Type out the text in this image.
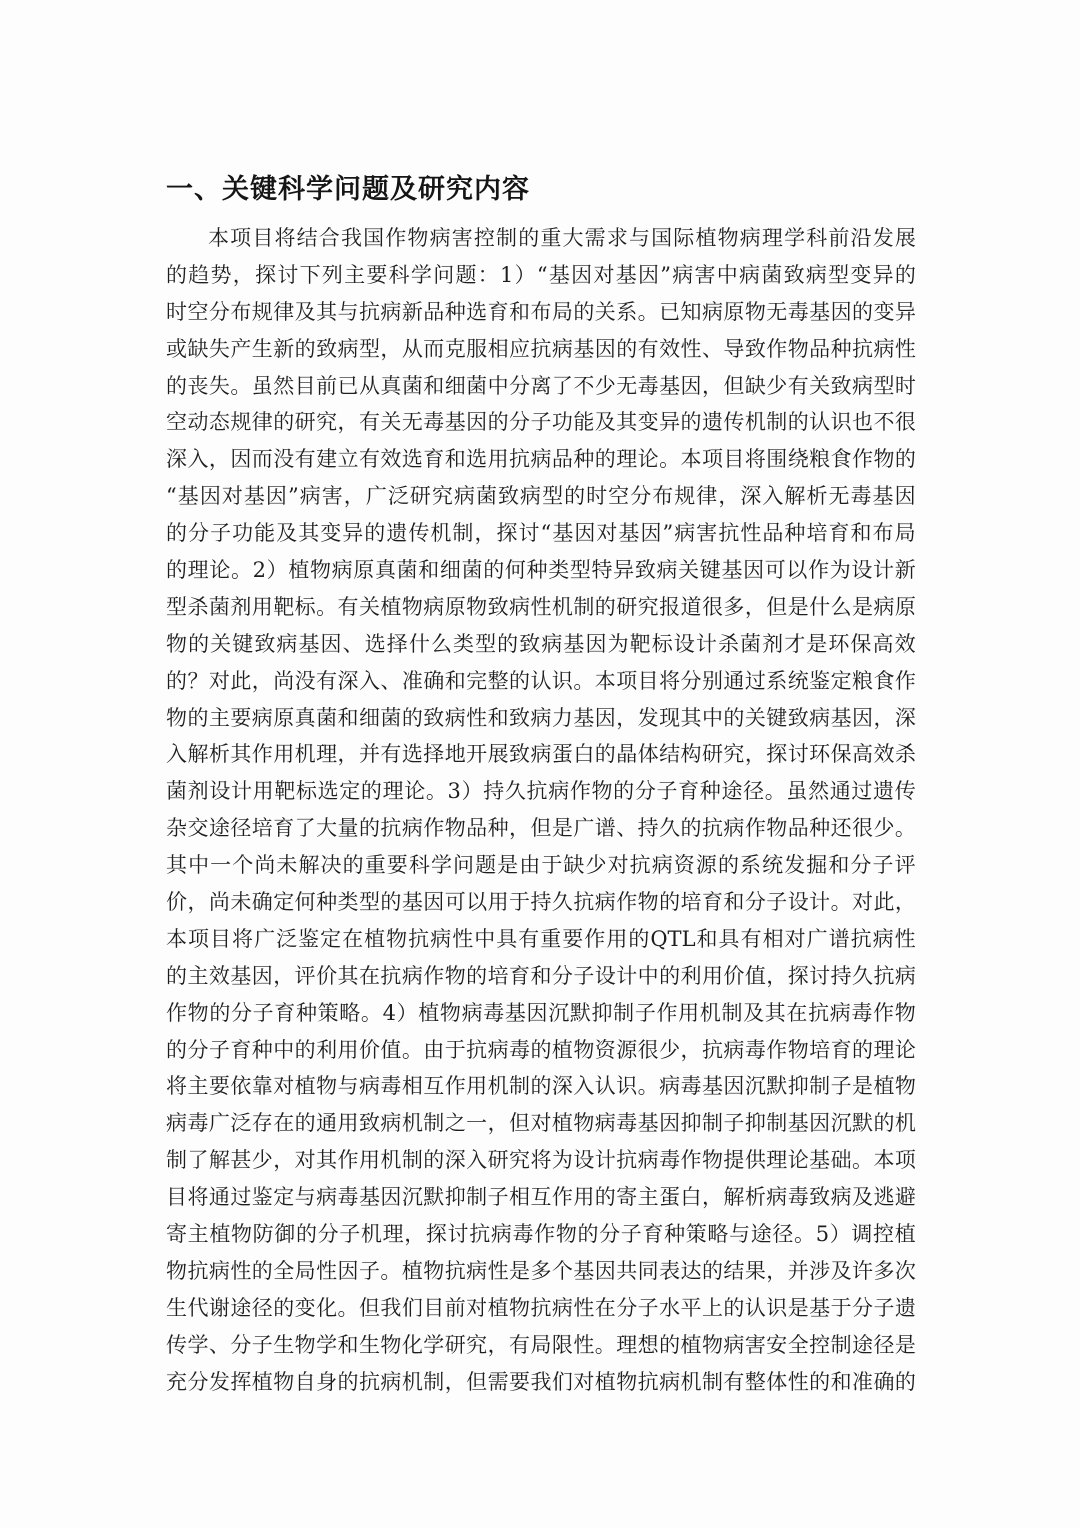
一、关键科学问题及研究内容
本 项 目 将 结 合 我 国 作 物 病 害 控 制 的 重 大 需 求 与 国 际 植 物 病 理 学 科 前 沿 发 展
的 趋 势 ， 探 讨 下 列 主 要 科 学 问 题 ： 1 ） “ 基 因 对 基 因 ” 病 害 中 病 菌 致 病 型 变 异 的
时 空 分 布 规 律 及 其 与 抗 病 新 品 种 选 育 和 布 局 的 关 系 。 已 知 病 原 物 无 毒 基 因 的 变 异
或 缺 失 产 生 新 的 致 病 型 ， 从 而 克 服 相 应 抗 病 基 因 的 有 效 性 、 导 致 作 物 品 种 抗 病 性
的 丧 失 。 虽 然 目 前 已 从 真 菌 和 细 菌 中 分 离 了 不 少 无 毒 基 因 ， 但 缺 少 有 关 致 病 型 时
空 动 态 规 律 的 研 究 ， 有 关 无 毒 基 因 的 分 子 功 能 及 其 变 异 的 遗 传 机 制 的 认 识 也 不 很
深 入 ， 因 而 没 有 建 立 有 效 选 育 和 选 用 抗 病 品 种 的 理 论 。 本 项 目 将 围 绕 粮 食 作 物 的
“ 基 因 对 基 因 ” 病 害 ， 广 泛 研 究 病 菌 致 病 型 的 时 空 分 布 规 律 ， 深 入 解 析 无 毒 基 因
的 分 子 功 能 及 其 变 异 的 遗 传 机 制 ， 探 讨 “ 基 因 对 基 因 ” 病 害 抗 性 品 种 培 育 和 布 局
的 理 论 。 2 ） 植 物 病 原 真 菌 和 细 菌 的 何 种 类 型 特 异 致 病 关 键 基 因 可 以 作 为 设 计 新
型 杀 菌 剂 用 靶 标 。 有 关 植 物 病 原 物 致 病 性 机 制 的 研 究 报 道 很 多 ， 但 是 什 么 是 病 原
物 的 关 键 致 病 基 因 、 选 择 什 么 类 型 的 致 病 基 因 为 靶 标 设 计 杀 菌 剂 才 是 环 保 高 效
的 ？ 对 此 ， 尚 没 有 深 入 、 准 确 和 完 整 的 认 识 。 本 项 目 将 分 别 通 过 系 统 鉴 定 粮 食 作
物 的 主 要 病 原 真 菌 和 细 菌 的 致 病 性 和 致 病 力 基 因 ， 发 现 其 中 的 关 键 致 病 基 因 ， 深
入 解 析 其 作 用 机 理 ， 并 有 选 择 地 开 展 致 病 蛋 白 的 晶 体 结 构 研 究 ， 探 讨 环 保 高 效 杀
菌 剂 设 计 用 靶 标 选 定 的 理 论 。 3 ） 持 久 抗 病 作 物 的 分 子 育 种 途 径 。 虽 然 通 过 遗 传
杂 交 途 径 培 育 了 大 量 的 抗 病 作 物 品 种 ， 但 是 广 谱 、 持 久 的 抗 病 作 物 品 种 还 很 少 。
其 中 一 个 尚 未 解 决 的 重 要 科 学 问 题 是 由 于 缺 少 对 抗 病 资 源 的 系 统 发 掘 和 分 子 评
价 ， 尚 未 确 定 何 种 类 型 的 基 因 可 以 用 于 持 久 抗 病 作 物 的 培 育 和 分 子 设 计 。 对 此 ，
本 项 目 将 广 泛 鉴 定 在 植 物 抗 病 性 中 具 有 重 要 作 用 的 QTL 和 具 有 相 对 广 谱 抗 病 性
的 主 效 基 因 ， 评 价 其 在 抗 病 作 物 的 培 育 和 分 子 设 计 中 的 利 用 价 值 ， 探 讨 持 久 抗 病
作 物 的 分 子 育 种 策 略 。 4 ） 植 物 病 毒 基 因 沉 默 抑 制 子 作 用 机 制 及 其 在 抗 病 毒 作 物
的 分 子 育 种 中 的 利 用 价 值 。 由 于 抗 病 毒 的 植 物 资 源 很 少 ， 抗 病 毒 作 物 培 育 的 理 论
将 主 要 依 靠 对 植 物 与 病 毒 相 互 作 用 机 制 的 深 入 认 识 。 病 毒 基 因 沉 默 抑 制 子 是 植 物
病 毒 广 泛 存 在 的 通 用 致 病 机 制 之 一 ， 但 对 植 物 病 毒 基 因 抑 制 子 抑 制 基 因 沉 默 的 机
制 了 解 甚 少 ， 对 其 作 用 机 制 的 深 入 研 究 将 为 设 计 抗 病 毒 作 物 提 供 理 论 基 础 。 本 项
目 将 通 过 鉴 定 与 病 毒 基 因 沉 默 抑 制 子 相 互 作 用 的 寄 主 蛋 白 ， 解 析 病 毒 致 病 及 逃 避
寄 主 植 物 防 御 的 分 子 机 理 ， 探 讨 抗 病 毒 作 物 的 分 子 育 种 策 略 与 途 径 。 5 ） 调 控 植
物 抗 病 性 的 全 局 性 因 子 。 植 物 抗 病 性 是 多 个 基 因 共 同 表 达 的 结 果 ， 并 涉 及 许 多 次
生 代 谢 途 径 的 变 化 。 但 我 们 目 前 对 植 物 抗 病 性 在 分 子 水 平 上 的 认 识 是 基 于 分 子 遗
传 学 、 分 子 生 物 学 和 生 物 化 学 研 究 ， 有 局 限 性 。 理 想 的 植 物 病 害 安 全 控 制 途 径 是
充 分 发 挥 植 物 自 身 的 抗 病 机 制 ， 但 需 要 我 们 对 植 物 抗 病 机 制 有 整 体 性 的 和 准 确 的
